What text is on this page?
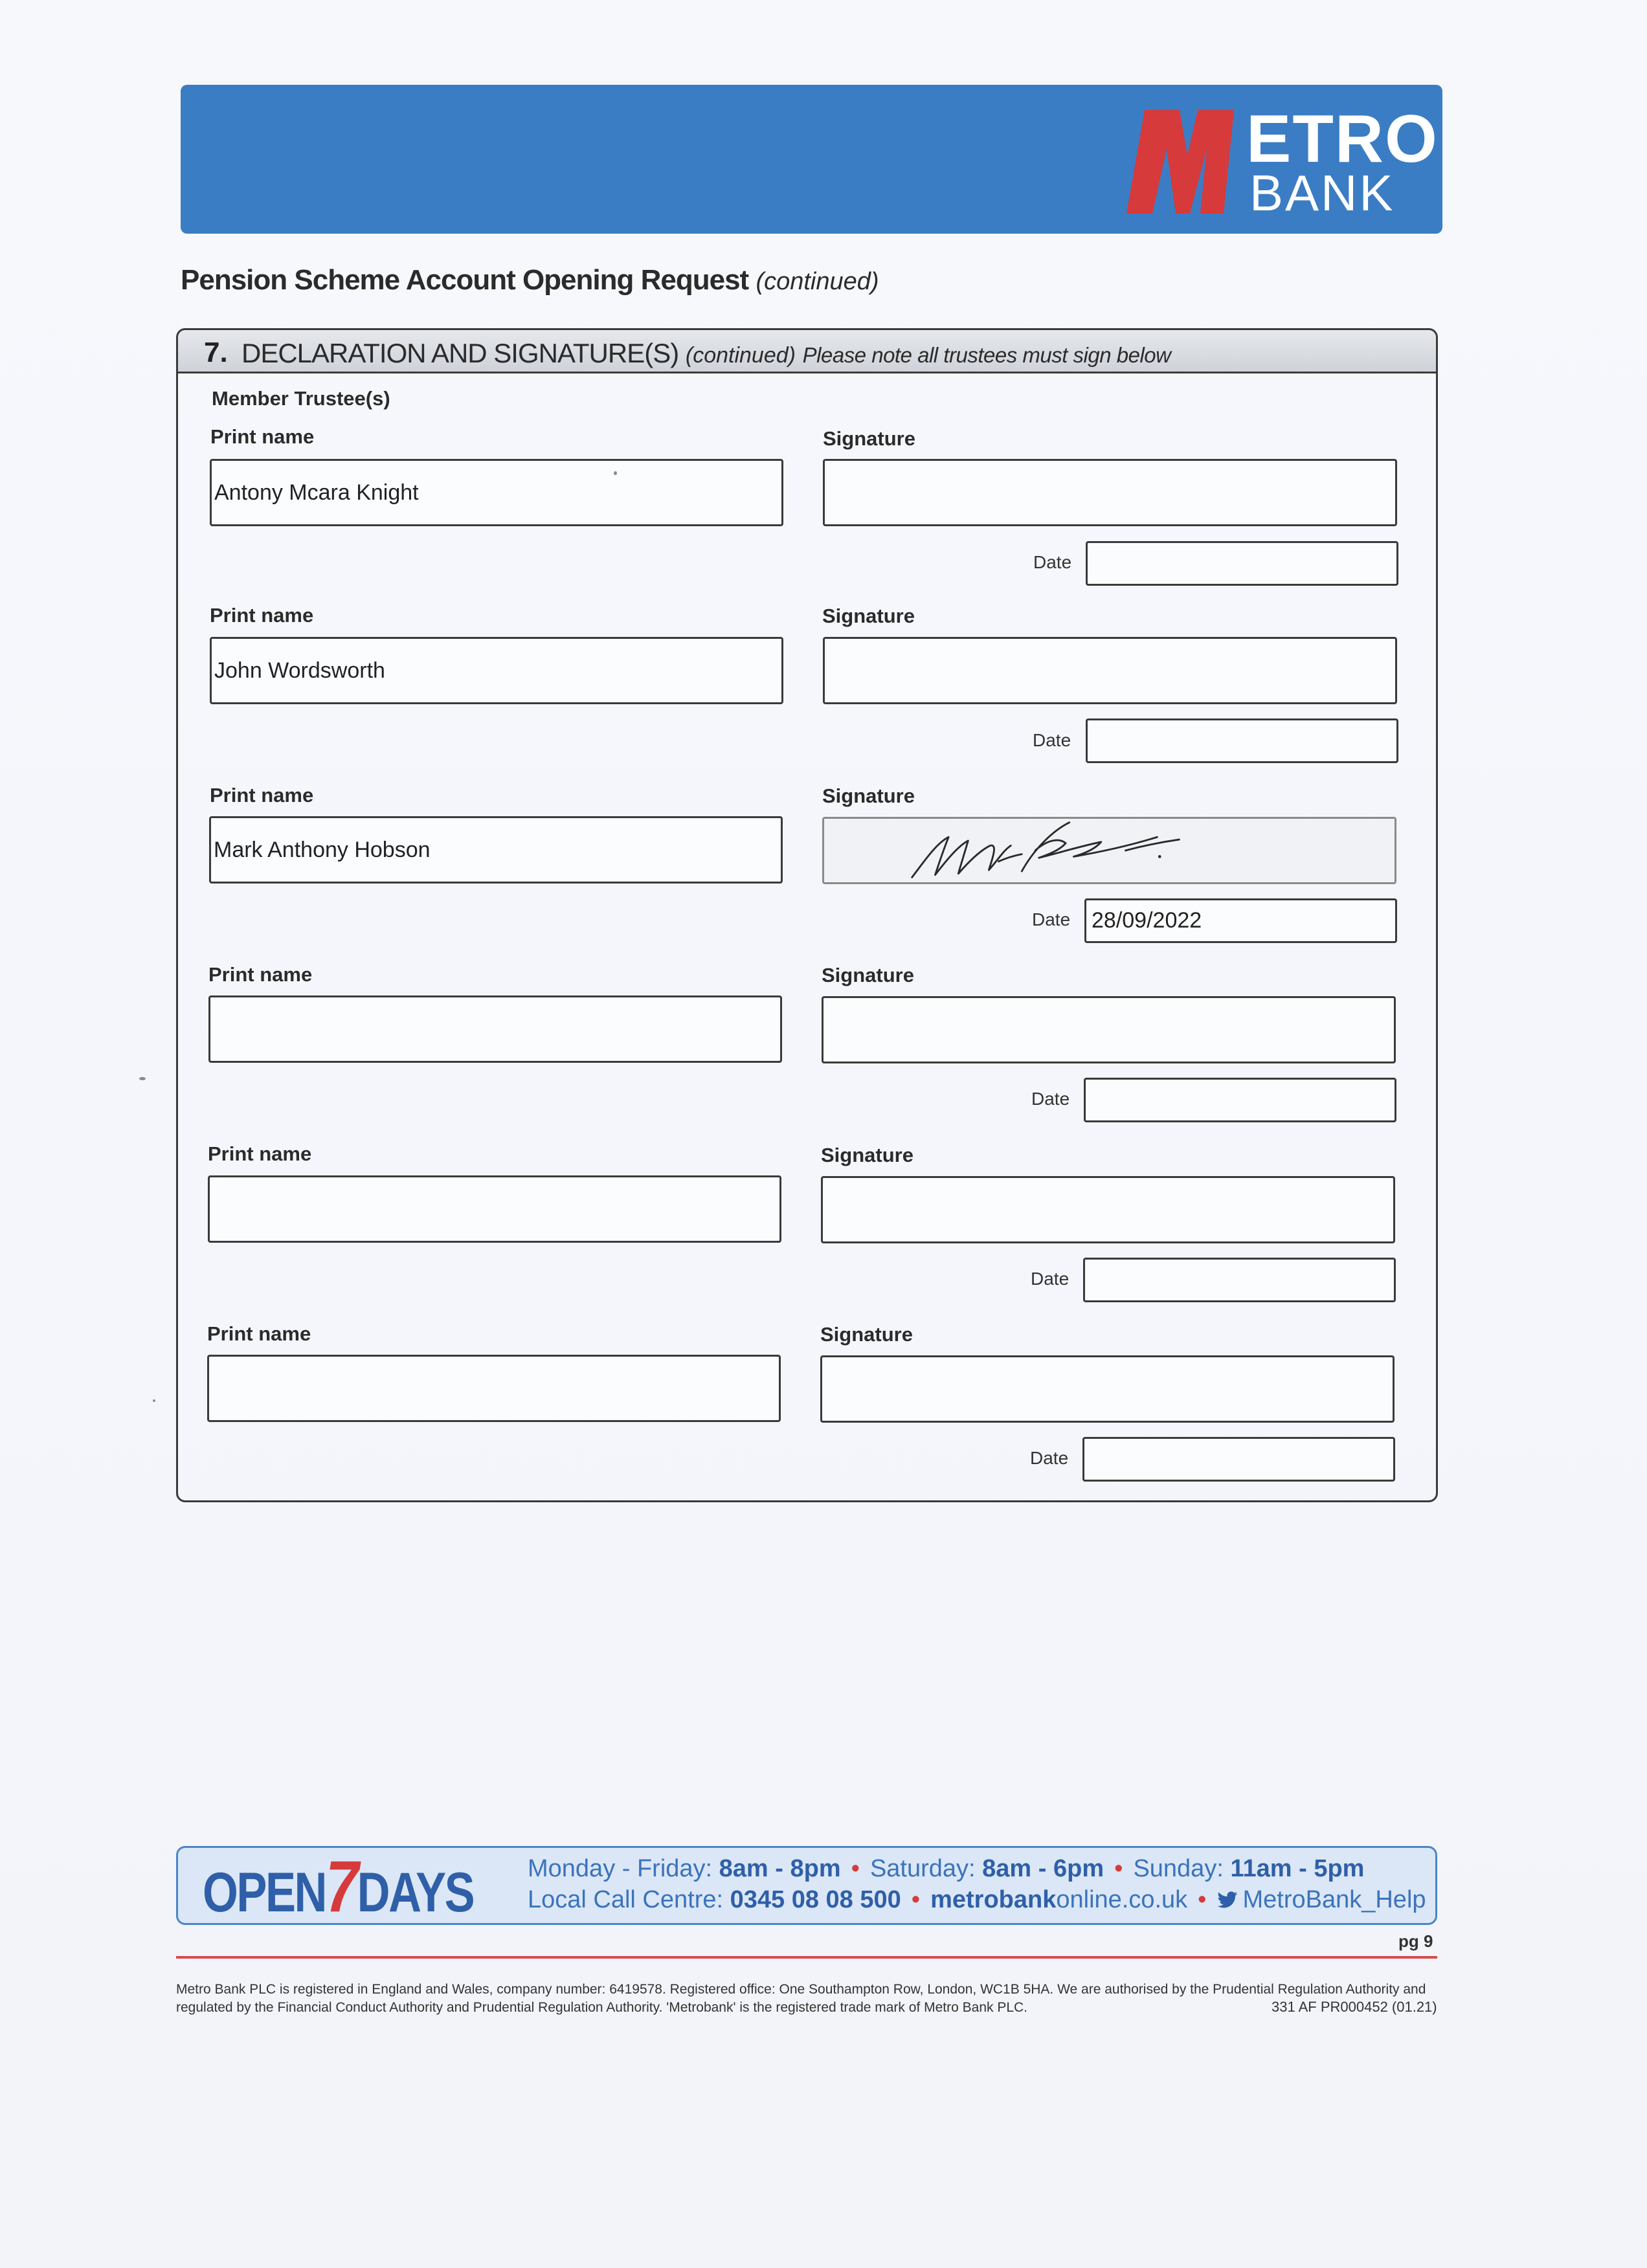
ETRO
BANK
Pension Scheme Account Opening Request (continued)
7. DECLARATION AND SIGNATURE(S) (continued) Please note all trustees must sign below
Member Trustee(s)
Print name	Signature
Antony Mcara Knight
Date
Print name	Signature
John Wordsworth
Date
Print name	Signature
Mark Anthony Hobson
Date 28/09/2022
Print name	Signature
Date
Print name	Signature
Date
Print name	Signature
Date
OPEN7DAYS Monday - Friday: 8am - 8pm • Saturday: 8am - 6pm • Sunday: 11am - 5pm
Local Call Centre: 0345 08 08 500 • metrobankonline.co.uk • MetroBank_Help
pg 9
Metro Bank PLC is registered in England and Wales, company number: 6419578. Registered office: One Southampton Row, London, WC1B 5HA. We are authorised by the Prudential Regulation Authority and regulated by the Financial Conduct Authority and Prudential Regulation Authority. 'Metrobank' is the registered trade mark of Metro Bank PLC.	331 AF PR000452 (01.21)
